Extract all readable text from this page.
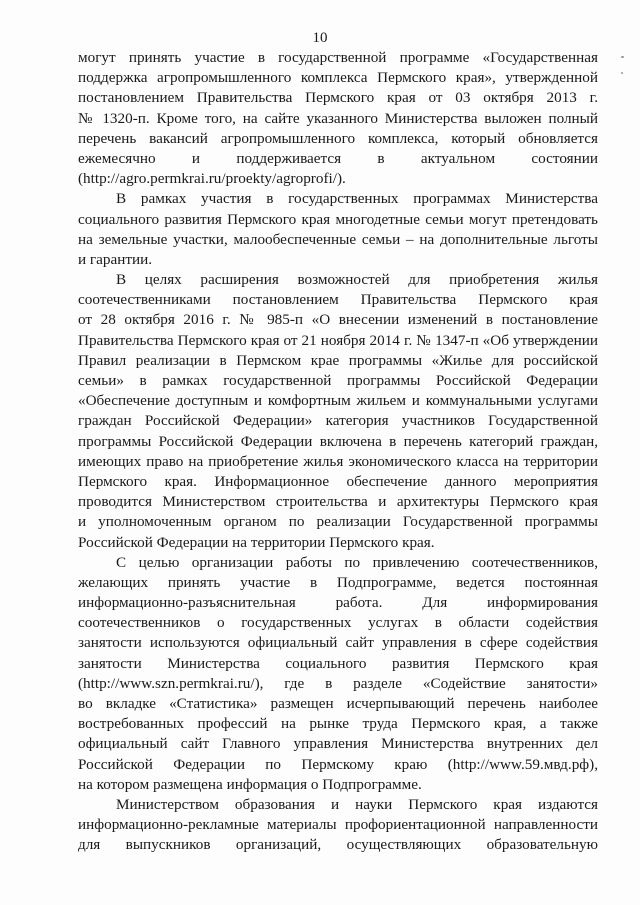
10
могут принять участие в государственной программе «Государственная
поддержка агропромышленного комплекса Пермского края», утвержденной
постановлением Правительства Пермского края от 03 октября 2013 г.
№ 1320-п. Кроме того, на сайте указанного Министерства выложен полный
перечень вакансий агропромышленного комплекса, который обновляется
ежемесячно и поддерживается в актуальном состоянии
(http://agro.permkrai.ru/proekty/agroprofi/).
В рамках участия в государственных программах Министерства
социального развития Пермского края многодетные семьи могут претендовать
на земельные участки, малообеспеченные семьи – на дополнительные льготы
и гарантии.
В целях расширения возможностей для приобретения жилья
соотечественниками постановлением Правительства Пермского края
от 28 октября 2016 г. № 985-п «О внесении изменений в постановление
Правительства Пермского края от 21 ноября 2014 г. № 1347-п «Об утверждении
Правил реализации в Пермском крае программы «Жилье для российской
семьи» в рамках государственной программы Российской Федерации
«Обеспечение доступным и комфортным жильем и коммунальными услугами
граждан Российской Федерации» категория участников Государственной
программы Российской Федерации включена в перечень категорий граждан,
имеющих право на приобретение жилья экономического класса на территории
Пермского края. Информационное обеспечение данного мероприятия
проводится Министерством строительства и архитектуры Пермского края
и уполномоченным органом по реализации Государственной программы
Российской Федерации на территории Пермского края.
С целью организации работы по привлечению соотечественников,
желающих принять участие в Подпрограмме, ведется постоянная
информационно-разъяснительная работа. Для информирования
соотечественников о государственных услугах в области содействия
занятости используются официальный сайт управления в сфере содействия
занятости Министерства социального развития Пермского края
(http://www.szn.permkrai.ru/), где в разделе «Содействие занятости»
во вкладке «Статистика» размещен исчерпывающий перечень наиболее
востребованных профессий на рынке труда Пермского края, а также
официальный сайт Главного управления Министерства внутренних дел
Российской Федерации по Пермскому краю (http://www.59.мвд.рф),
на котором размещена информация о Подпрограмме.
Министерством образования и науки Пермского края издаются
информационно-рекламные материалы профориентационной направленности
для выпускников организаций, осуществляющих образовательную
